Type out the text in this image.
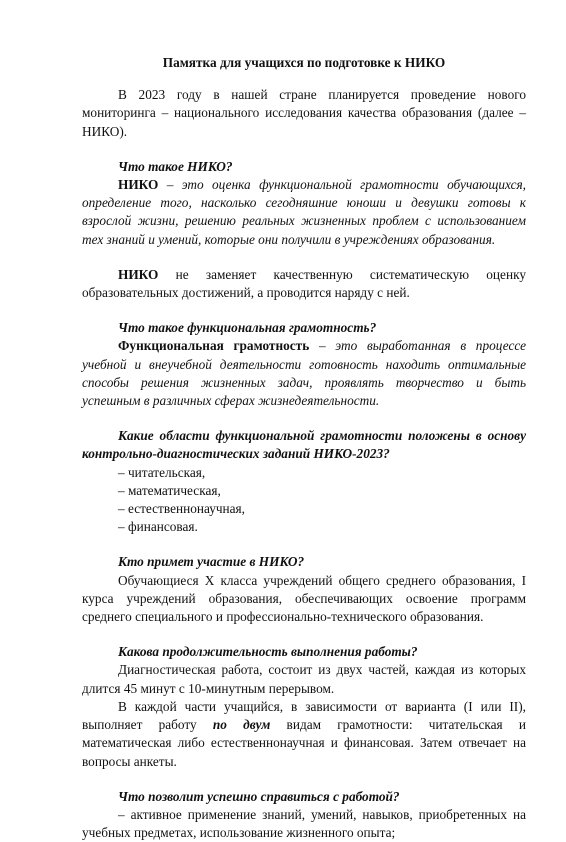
Памятка для учащихся по подготовке к НИКО

В 2023 году в нашей стране планируется проведение нового мониторинга – национального исследования качества образования (далее – НИКО).

Что такое НИКО?

НИКО – это оценка функциональной грамотности обучающихся, определение того, насколько сегодняшние юноши и девушки готовы к взрослой жизни, решению реальных жизненных проблем с использованием тех знаний и умений, которые они получили в учреждениях образования.

НИКО не заменяет качественную систематическую оценку образовательных достижений, а проводится наряду с ней.

Что такое функциональная грамотность?

Функциональная грамотность – это выработанная в процессе учебной и внеучебной деятельности готовность находить оптимальные способы решения жизненных задач, проявлять творчество и быть успешным в различных сферах жизнедеятельности.

Какие области функциональной грамотности положены в основу контрольно-диагностических заданий НИКО-2023?

– читательская,

– математическая,

– естественнонаучная,

– финансовая.

Кто примет участие в НИКО?

Обучающиеся X класса учреждений общего среднего образования, I курса учреждений образования, обеспечивающих освоение программ среднего специального и профессионально-технического образования.

Какова продолжительность выполнения работы?

Диагностическая работа, состоит из двух частей, каждая из которых длится 45 минут с 10-минутным перерывом.

В каждой части учащийся, в зависимости от варианта (I или II), выполняет работу по двум видам грамотности: читательская и математическая либо естественнонаучная и финансовая. Затем отвечает на вопросы анкеты.

Что позволит успешно справиться с работой?

– активное применение знаний, умений, навыков, приобретенных на учебных предметах, использование жизненного опыта;
